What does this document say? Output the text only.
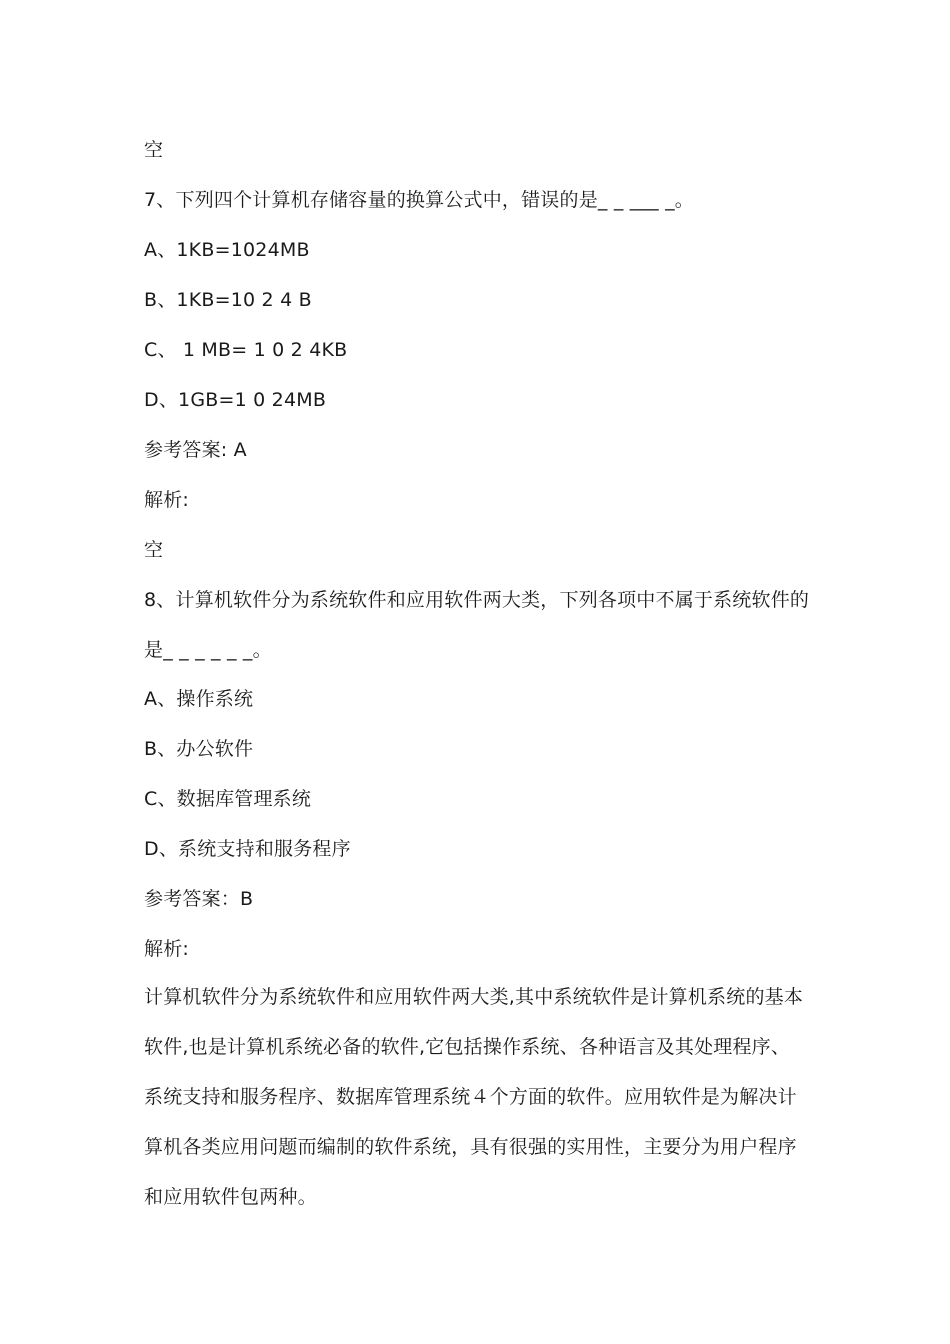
空
7、下列四个计算机存储容量的换算公式中，错误的是_ _ ___ _。
A、1KB=1024MB
B、1KB=10 2 4 B
C、 1 MB= 1 0 2 4KB
D、1GB=1 0 24MB
参考答案: A
解析:
空
8、计算机软件分为系统软件和应用软件两大类，下列各项中不属于系统软件的
是_ _ _ _ _ _。
A、操作系统
B、办公软件
C、数据库管理系统
D、系统支持和服务程序
参考答案：B
解析:
计算机软件分为系统软件和应用软件两大类,其中系统软件是计算机系统的基本软件,也是计算机系统必备的软件,它包括操作系统、各种语言及其处理程序、系统支持和服务程序、数据库管理系统４个方面的软件。应用软件是为解决计算机各类应用问题而编制的软件系统，具有很强的实用性，主要分为用户程序和应用软件包两种。
